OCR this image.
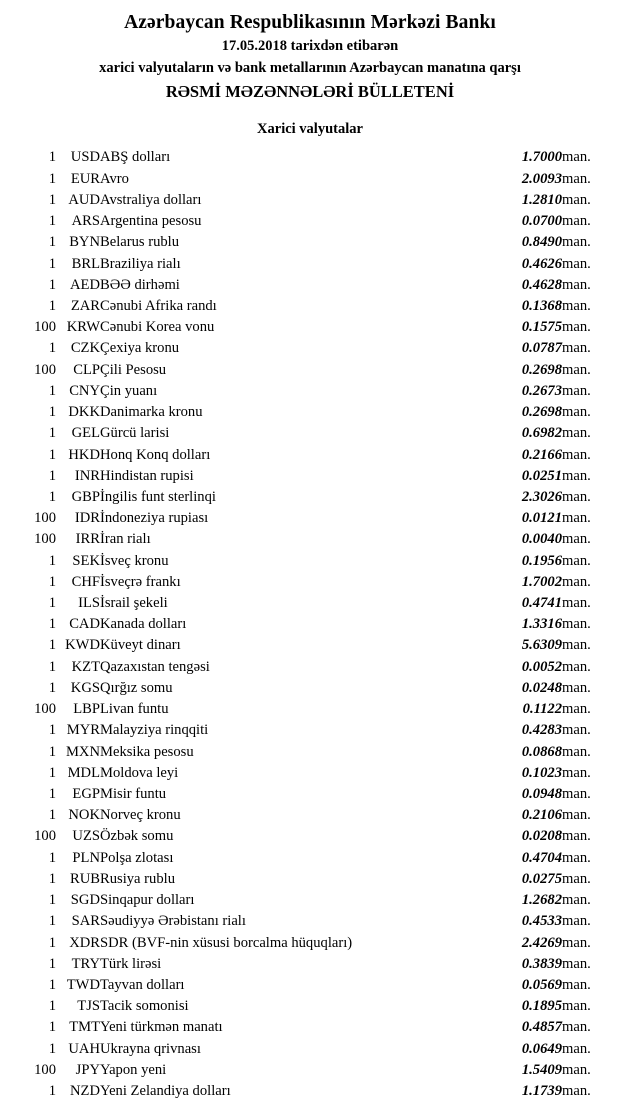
Azərbaycan Respublikasının Mərkəzi Bankı
17.05.2018 tarixdən etibarən
xarici valyutaların və bank metallarının Azərbaycan manatına qarşı
RƏSMİ MƏZƏNNƏLƏRİ BÜLLETENİ
Xarici valyutalar
1	USD	ABŞ dolları	1.7000	man.
1	EUR	Avro	2.0093	man.
1	AUD	Avstraliya dolları	1.2810	man.
1	ARS	Argentina pesosu	0.0700	man.
1	BYN	Belarus rublu	0.8490	man.
1	BRL	Braziliya rialı	0.4626	man.
1	AED	BƏƏ dirhəmi	0.4628	man.
1	ZAR	Cənubi Afrika randı	0.1368	man.
100	KRW	Cənubi Korea vonu	0.1575	man.
1	CZK	Çexiya kronu	0.0787	man.
100	CLP	Çili Pesosu	0.2698	man.
1	CNY	Çin yuanı	0.2673	man.
1	DKK	Danimarka kronu	0.2698	man.
1	GEL	Gürcü larisi	0.6982	man.
1	HKD	Honq Konq dolları	0.2166	man.
1	INR	Hindistan rupisi	0.0251	man.
1	GBP	İngilis funt sterlinqi	2.3026	man.
100	IDR	İndoneziya rupiası	0.0121	man.
100	IRR	İran rialı	0.0040	man.
1	SEK	İsveç kronu	0.1956	man.
1	CHF	İsveçrə frankı	1.7002	man.
1	ILS	İsrail şekeli	0.4741	man.
1	CAD	Kanada dolları	1.3316	man.
1	KWD	Küveyt dinarı	5.6309	man.
1	KZT	Qazaxıstan tengəsi	0.0052	man.
1	KGS	Qırğız somu	0.0248	man.
100	LBP	Livan funtu	0.1122	man.
1	MYR	Malayziya rinqqiti	0.4283	man.
1	MXN	Meksika pesosu	0.0868	man.
1	MDL	Moldova leyi	0.1023	man.
1	EGP	Misir funtu	0.0948	man.
1	NOK	Norveç kronu	0.2106	man.
100	UZS	Özbək somu	0.0208	man.
1	PLN	Polşa zlotası	0.4704	man.
1	RUB	Rusiya rublu	0.0275	man.
1	SGD	Sinqapur dolları	1.2682	man.
1	SAR	Səudiyyə Ərəbistanı rialı	0.4533	man.
1	XDR	SDR (BVF-nin xüsusi borcalma hüquqları)	2.4269	man.
1	TRY	Türk lirəsi	0.3839	man.
1	TWD	Tayvan dolları	0.0569	man.
1	TJS	Tacik somonisi	0.1895	man.
1	TMT	Yeni türkmən manatı	0.4857	man.
1	UAH	Ukrayna qrivnası	0.0649	man.
100	JPY	Yapon yeni	1.5409	man.
1	NZD	Yeni Zelandiya dolları	1.1739	man.
